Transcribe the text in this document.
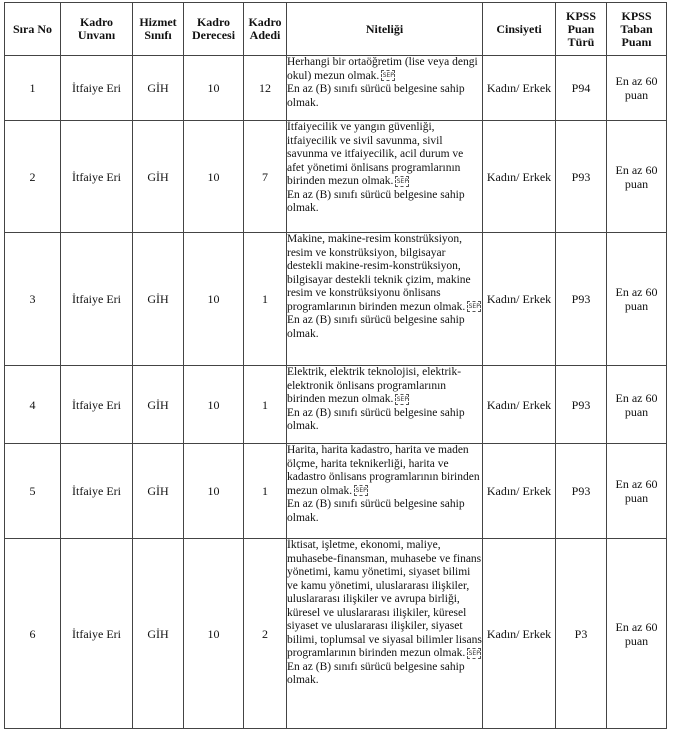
Sıra No	Kadro Unvanı	Hizmet Sınıfı	Kadro Derecesi	Kadro Adedi	Niteliği	Cinsiyeti	KPSS Puan Türü	KPSS Taban Puanı
1	İtfaiye Eri	GİH	10	12	Herhangi bir ortaöğretim (lise veya dengi okul) mezun olmak. SEP
En az (B) sınıfı sürücü belgesine sahip olmak.	Kadın/ Erkek	P94	En az 60 puan
2	İtfaiye Eri	GİH	10	7	İtfaiyecilik ve yangın güvenliği, itfaiyecilik ve sivil savunma, sivil savunma ve itfaiyecilik, acil durum ve afet yönetimi önlisans programlarının birinden mezun olmak. SEP
En az (B) sınıfı sürücü belgesine sahip olmak.	Kadın/ Erkek	P93	En az 60 puan
3	İtfaiye Eri	GİH	10	1	Makine, makine-resim konstrüksiyon, resim ve konstrüksiyon, bilgisayar destekli makine-resim-konstrüksiyon, bilgisayar destekli teknik çizim, makine resim ve konstrüksiyonu önlisans programlarının birinden mezun olmak. SEP
En az (B) sınıfı sürücü belgesine sahip olmak.	Kadın/ Erkek	P93	En az 60 puan
4	İtfaiye Eri	GİH	10	1	Elektrik, elektrik teknolojisi, elektrik-elektronik önlisans programlarının birinden mezun olmak. SEP
En az (B) sınıfı sürücü belgesine sahip olmak.	Kadın/ Erkek	P93	En az 60 puan
5	İtfaiye Eri	GİH	10	1	Harita, harita kadastro, harita ve maden ölçme, harita teknikerliği, harita ve kadastro önlisans programlarının birinden mezun olmak. SEP
En az (B) sınıfı sürücü belgesine sahip olmak.	Kadın/ Erkek	P93	En az 60 puan
6	İtfaiye Eri	GİH	10	2	İktisat, işletme, ekonomi, maliye, muhasebe-finansman, muhasebe ve finans yönetimi, kamu yönetimi, siyaset bilimi ve kamu yönetimi, uluslararası ilişkiler, uluslararası ilişkiler ve avrupa birliği, küresel ve uluslararası ilişkiler, küresel siyaset ve uluslararası ilişkiler, siyaset bilimi, toplumsal ve siyasal bilimler lisans programlarının birinden mezun olmak. SEP
En az (B) sınıfı sürücü belgesine sahip olmak.	Kadın/ Erkek	P3	En az 60 puan
